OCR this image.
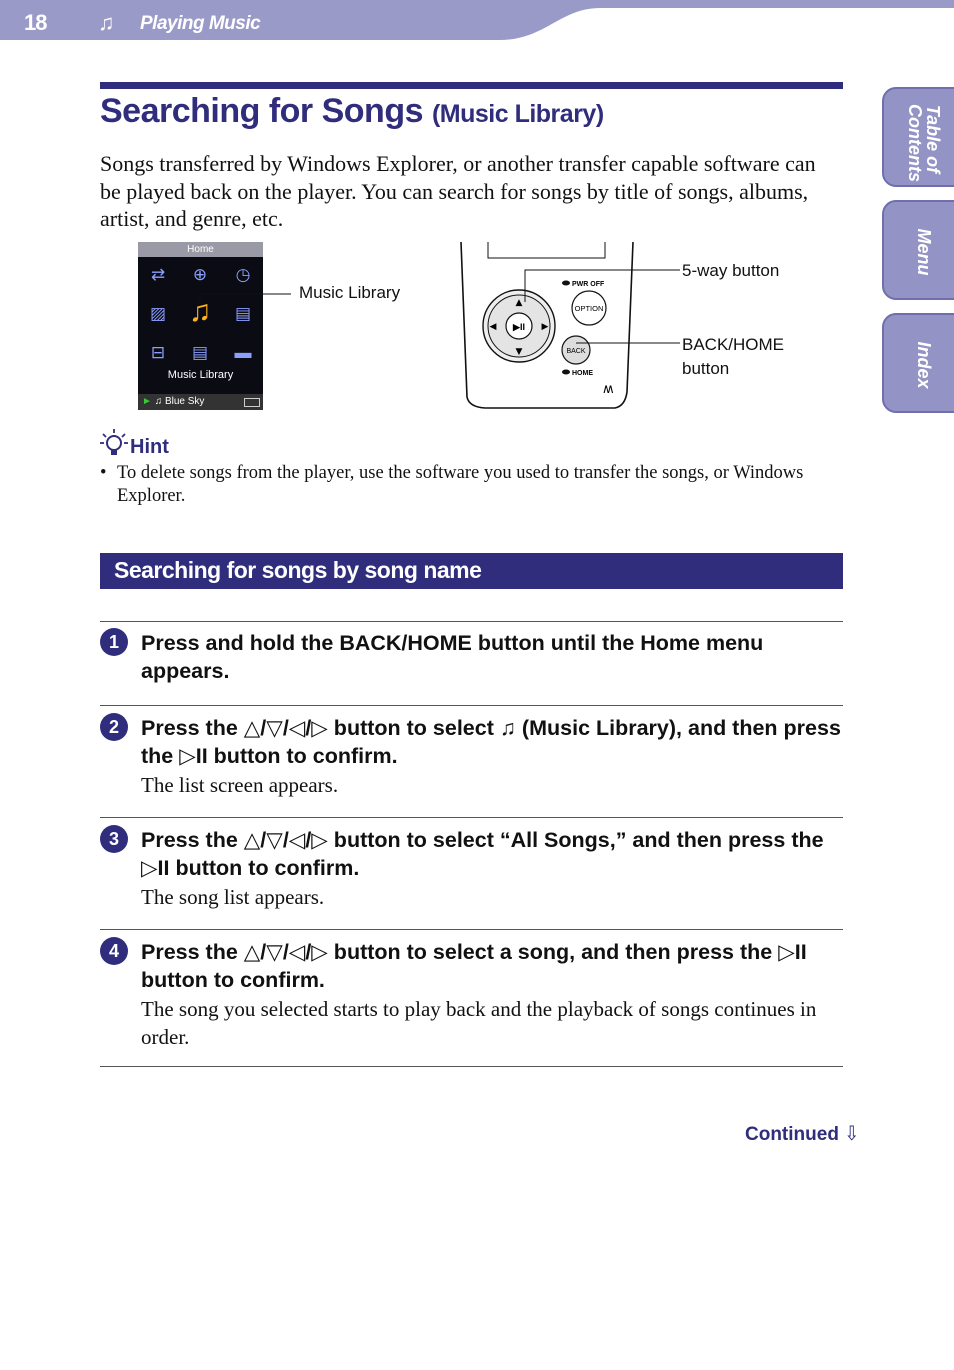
18 ♫ Playing Music
Table of Contents
Menu
Index
Searching for Songs (Music Library)

Songs transferred by Windows Explorer, or another transfer capable software can be played back on the player. You can search for songs by title of songs, albums, artist, and genre, etc.

Home
⇄ ⊕ ◷
▨ ♫ ▤
⊟ ▤ ▬
Music Library
► ♫ Blue Sky
Music Library
▶II
▲
▼
◀	▶
OPTION
BACK
PWR OFF
HOME
ʍ
5-way button
BACK/HOME
button
Hint
• To delete songs from the player, use the software you used to transfer the songs, or Windows Explorer.
Searching for songs by song name
1	Press and hold the BACK/HOME button until the Home menu appears.
2	Press the △/▽/◁/▷ button to select ♫ (Music Library), and then press the ▷II button to confirm.

The list screen appears.

3	Press the △/▽/◁/▷ button to select “All Songs,” and then press the ▷II button to confirm.

The song list appears.

4	Press the △/▽/◁/▷ button to select a song, and then press the ▷II button to confirm.

The song you selected starts to play back and the playback of songs continues in order.

Continued ⇩
